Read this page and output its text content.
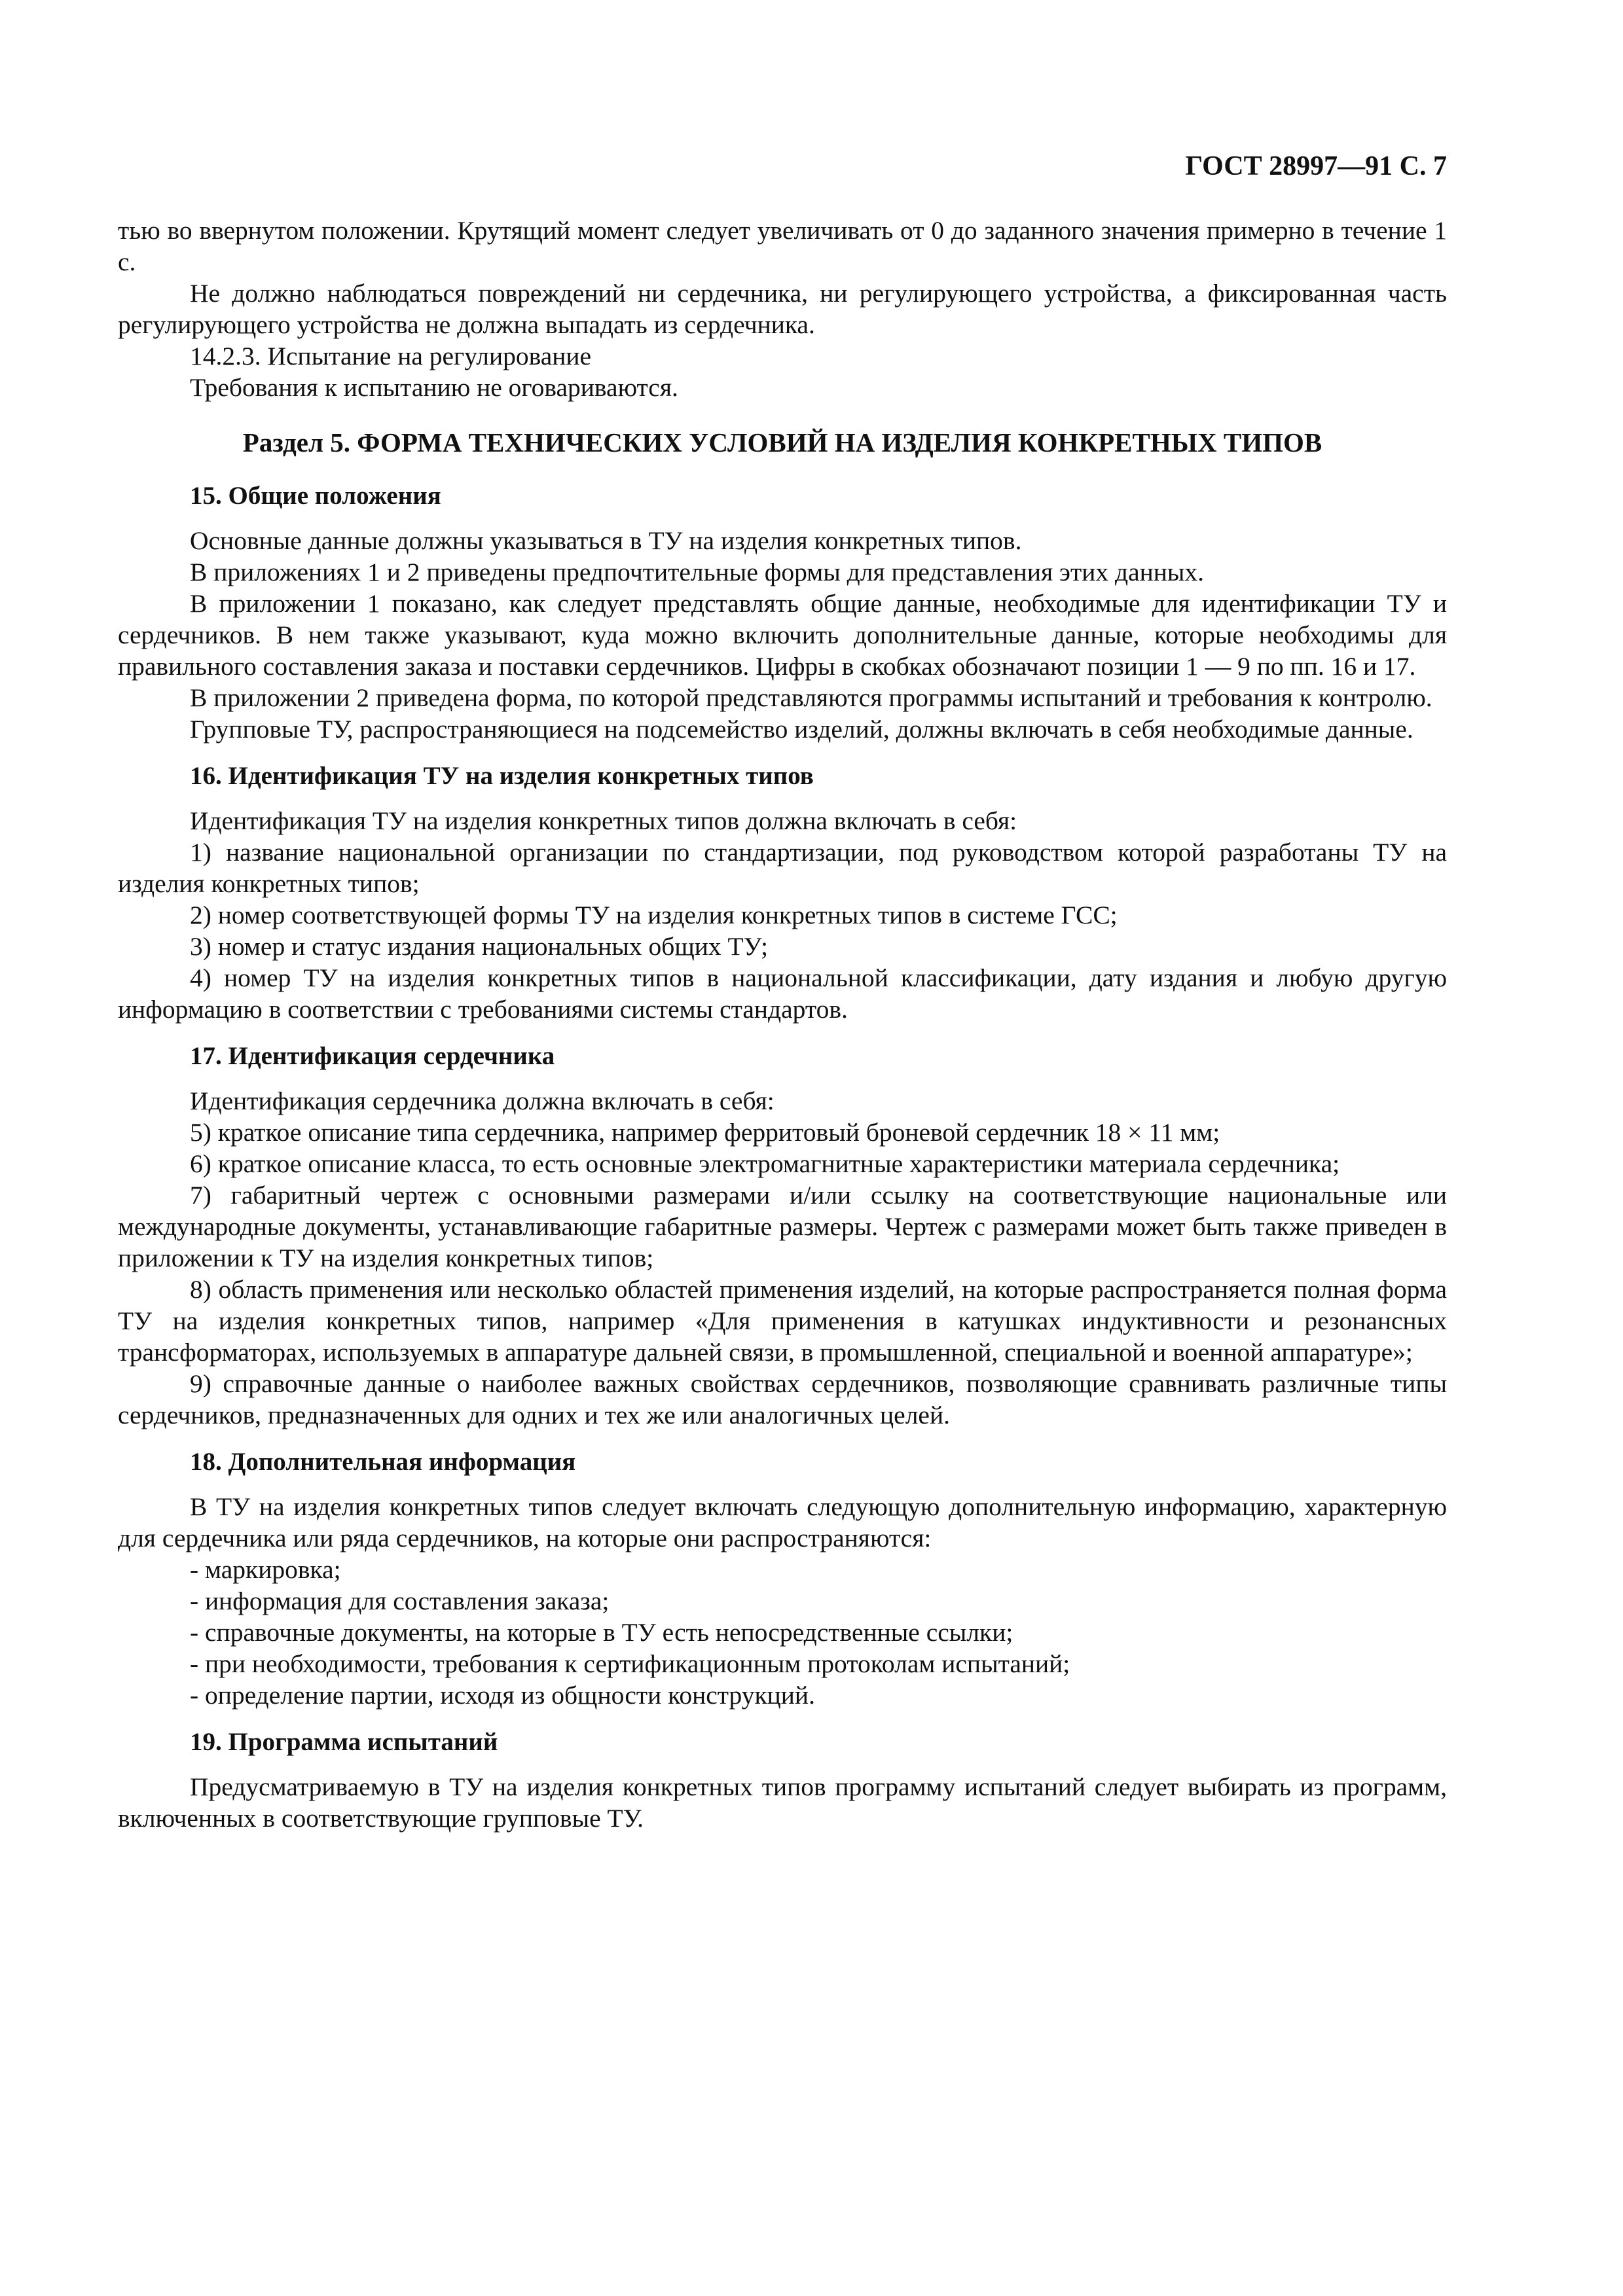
ГОСТ 28997—91 С. 7

тью во ввернутом положении. Крутящий момент следует увеличивать от 0 до заданного значения примерно в течение 1 с.

Не должно наблюдаться повреждений ни сердечника, ни регулирующего устройства, а фиксированная часть регулирующего устройства не должна выпадать из сердечника.

14.2.3. Испытание на регулирование

Требования к испытанию не оговариваются.

Раздел 5. ФОРМА ТЕХНИЧЕСКИХ УСЛОВИЙ НА ИЗДЕЛИЯ КОНКРЕТНЫХ ТИПОВ
15. Общие положения

Основные данные должны указываться в ТУ на изделия конкретных типов.

В приложениях 1 и 2 приведены предпочтительные формы для представления этих данных.

В приложении 1 показано, как следует представлять общие данные, необходимые для идентификации ТУ и сердечников. В нем также указывают, куда можно включить дополнительные данные, которые необходимы для правильного составления заказа и поставки сердечников. Цифры в скобках обозначают позиции 1 — 9 по пп. 16 и 17.

В приложении 2 приведена форма, по которой представляются программы испытаний и требования к контролю.

Групповые ТУ, распространяющиеся на подсемейство изделий, должны включать в себя необходимые данные.

16. Идентификация ТУ на изделия конкретных типов

Идентификация ТУ на изделия конкретных типов должна включать в себя:

1) название национальной организации по стандартизации, под руководством которой разработаны ТУ на изделия конкретных типов;

2) номер соответствующей формы ТУ на изделия конкретных типов в системе ГСС;

3) номер и статус издания национальных общих ТУ;

4) номер ТУ на изделия конкретных типов в национальной классификации, дату издания и любую другую информацию в соответствии с требованиями системы стандартов.

17. Идентификация сердечника

Идентификация сердечника должна включать в себя:

5) краткое описание типа сердечника, например ферритовый броневой сердечник 18 × 11 мм;

6) краткое описание класса, то есть основные электромагнитные характеристики материала сердечника;

7) габаритный чертеж с основными размерами и/или ссылку на соответствующие национальные или международные документы, устанавливающие габаритные размеры. Чертеж с размерами может быть также приведен в приложении к ТУ на изделия конкретных типов;

8) область применения или несколько областей применения изделий, на которые распространяется полная форма ТУ на изделия конкретных типов, например «Для применения в катушках индуктивности и резонансных трансформаторах, используемых в аппаратуре дальней связи, в промышленной, специальной и военной аппаратуре»;

9) справочные данные о наиболее важных свойствах сердечников, позволяющие сравнивать различные типы сердечников, предназначенных для одних и тех же или аналогичных целей.

18. Дополнительная информация

В ТУ на изделия конкретных типов следует включать следующую дополнительную информацию, характерную для сердечника или ряда сердечников, на которые они распространяются:

- маркировка;

- информация для составления заказа;

- справочные документы, на которые в ТУ есть непосредственные ссылки;

- при необходимости, требования к сертификационным протоколам испытаний;

- определение партии, исходя из общности конструкций.

19. Программа испытаний

Предусматриваемую в ТУ на изделия конкретных типов программу испытаний следует выбирать из программ, включенных в соответствующие групповые ТУ.
